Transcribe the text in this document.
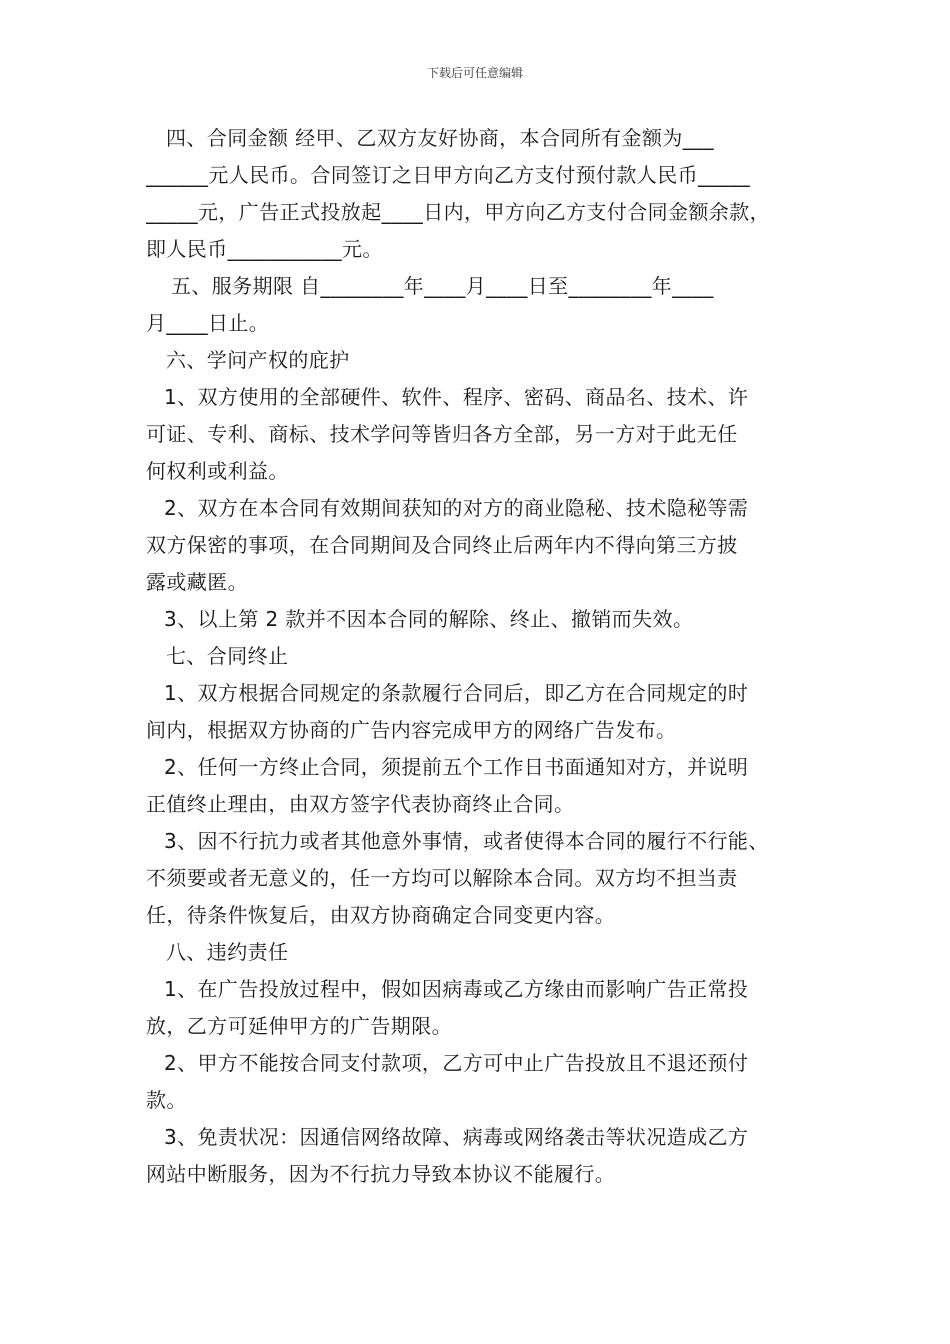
下载后可任意编辑
四、合同金额 经甲、乙双方友好协商，本合同所有金额为___
______元人民币。合同签订之日甲方向乙方支付预付款人民币_____
_____元，广告正式投放起____日内，甲方向乙方支付合同金额余款，
即人民币___________元。
五、服务期限 自________年____月____日至________年____
月____日止。
六、学问产权的庇护
1、双方使用的全部硬件、软件、程序、密码、商品名、技术、许
可证、专利、商标、技术学问等皆归各方全部，另一方对于此无任
何权利或利益。
2、双方在本合同有效期间获知的对方的商业隐秘、技术隐秘等需
双方保密的事项，在合同期间及合同终止后两年内不得向第三方披
露或藏匿。
3、以上第 2 款并不因本合同的解除、终止、撤销而失效。
七、合同终止
1、双方根据合同规定的条款履行合同后，即乙方在合同规定的时
间内，根据双方协商的广告内容完成甲方的网络广告发布。
2、任何一方终止合同，须提前五个工作日书面通知对方，并说明
正值终止理由，由双方签字代表协商终止合同。
3、因不行抗力或者其他意外事情，或者使得本合同的履行不行能、
不须要或者无意义的，任一方均可以解除本合同。双方均不担当责
任，待条件恢复后，由双方协商确定合同变更内容。
八、违约责任
1、在广告投放过程中，假如因病毒或乙方缘由而影响广告正常投
放，乙方可延伸甲方的广告期限。
2、甲方不能按合同支付款项，乙方可中止广告投放且不退还预付
款。
3、免责状况：因通信网络故障、病毒或网络袭击等状况造成乙方
网站中断服务，因为不行抗力导致本协议不能履行。
